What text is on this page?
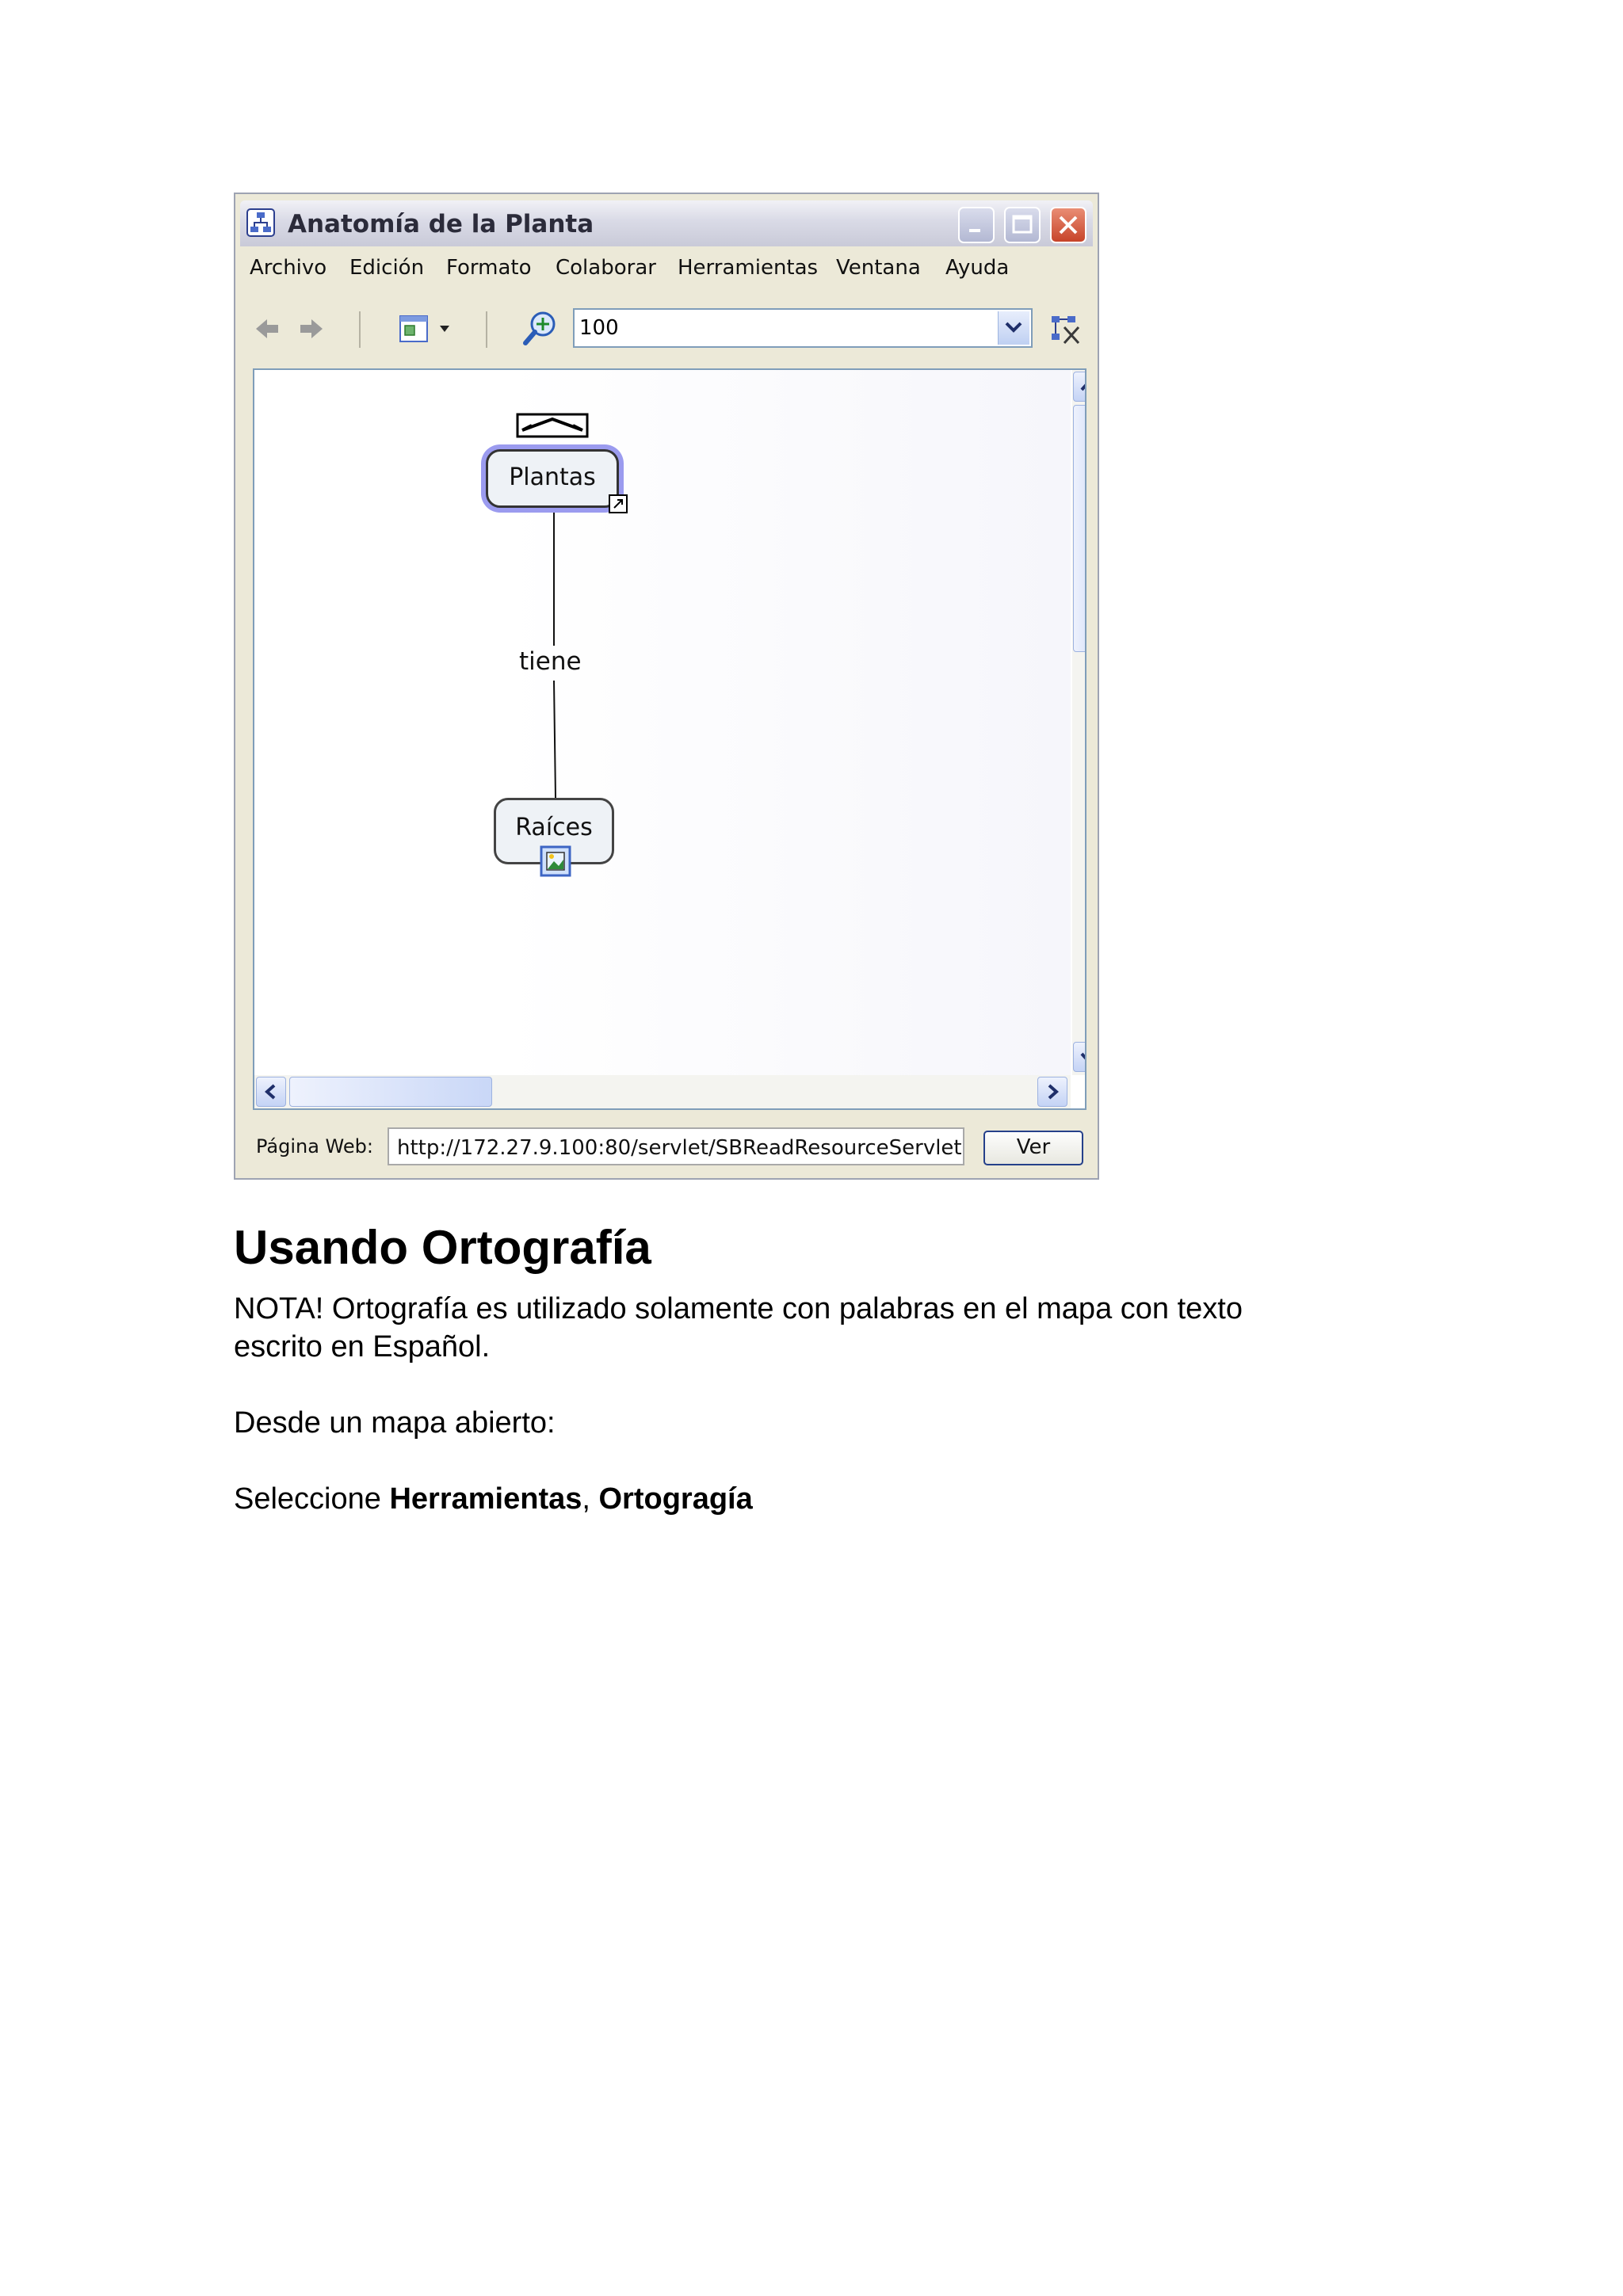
Anatomía de la Planta
Archivo Edición Formato Colaborar Herramientas Ventana Ayuda
100
Plantas
tiene
Raíces
Página Web: http://172.27.9.100:80/servlet/SBReadResourceServlet	Ver
Usando Ortografía
NOTA! Ortografía es utilizado solamente con palabras en el mapa con texto
escrito en Español.
Desde un mapa abierto:
Seleccione Herramientas, Ortogragía
